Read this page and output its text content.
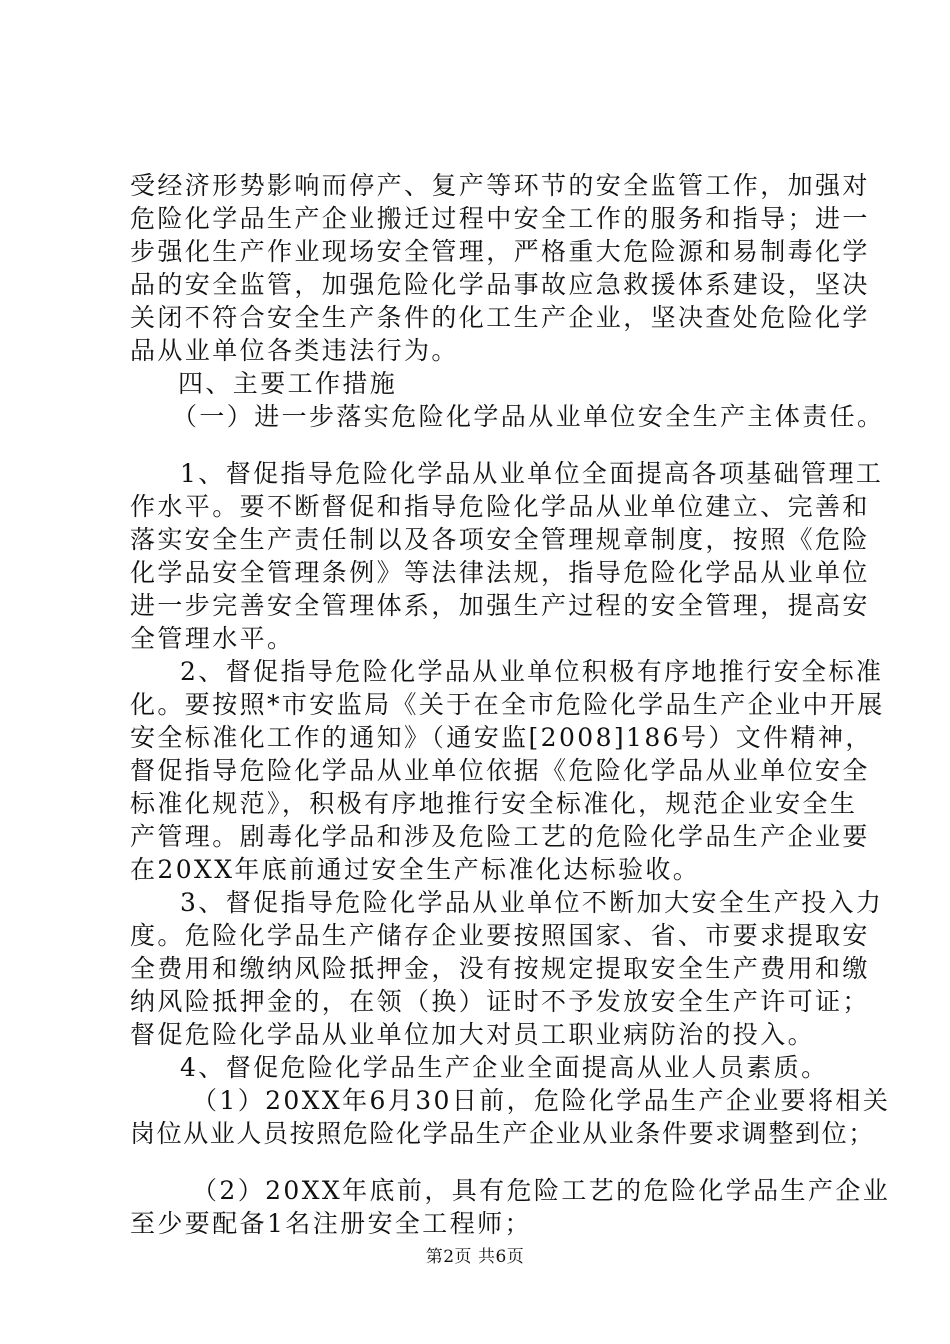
受经济形势影响而停产、复产等环节的安全监管工作，加强对
危险化学品生产企业搬迁过程中安全工作的服务和指导；进一
步强化生产作业现场安全管理，严格重大危险源和易制毒化学
品的安全监管，加强危险化学品事故应急救援体系建设，坚决
关闭不符合安全生产条件的化工生产企业，坚决查处危险化学
品从业单位各类违法行为。
四、主要工作措施
（一）进一步落实危险化学品从业单位安全生产主体责任。
1、督促指导危险化学品从业单位全面提高各项基础管理工
作水平。要不断督促和指导危险化学品从业单位建立、完善和
落实安全生产责任制以及各项安全管理规章制度，按照《危险
化学品安全管理条例》等法律法规，指导危险化学品从业单位
进一步完善安全管理体系，加强生产过程的安全管理，提高安
全管理水平。
2、督促指导危险化学品从业单位积极有序地推行安全标准
化。要按照*市安监局《关于在全市危险化学品生产企业中开展
安全标准化工作的通知》（通安监[2008]186号）文件精神，
督促指导危险化学品从业单位依据《危险化学品从业单位安全
标准化规范》，积极有序地推行安全标准化，规范企业安全生
产管理。剧毒化学品和涉及危险工艺的危险化学品生产企业要
在20XX年底前通过安全生产标准化达标验收。
3、督促指导危险化学品从业单位不断加大安全生产投入力
度。危险化学品生产储存企业要按照国家、省、市要求提取安
全费用和缴纳风险抵押金，没有按规定提取安全生产费用和缴
纳风险抵押金的，在领（换）证时不予发放安全生产许可证；
督促危险化学品从业单位加大对员工职业病防治的投入。
4、督促危险化学品生产企业全面提高从业人员素质。
（1）20XX年6月30日前，危险化学品生产企业要将相关
岗位从业人员按照危险化学品生产企业从业条件要求调整到位；
（2）20XX年底前，具有危险工艺的危险化学品生产企业
至少要配备1名注册安全工程师；
第2页 共6页
